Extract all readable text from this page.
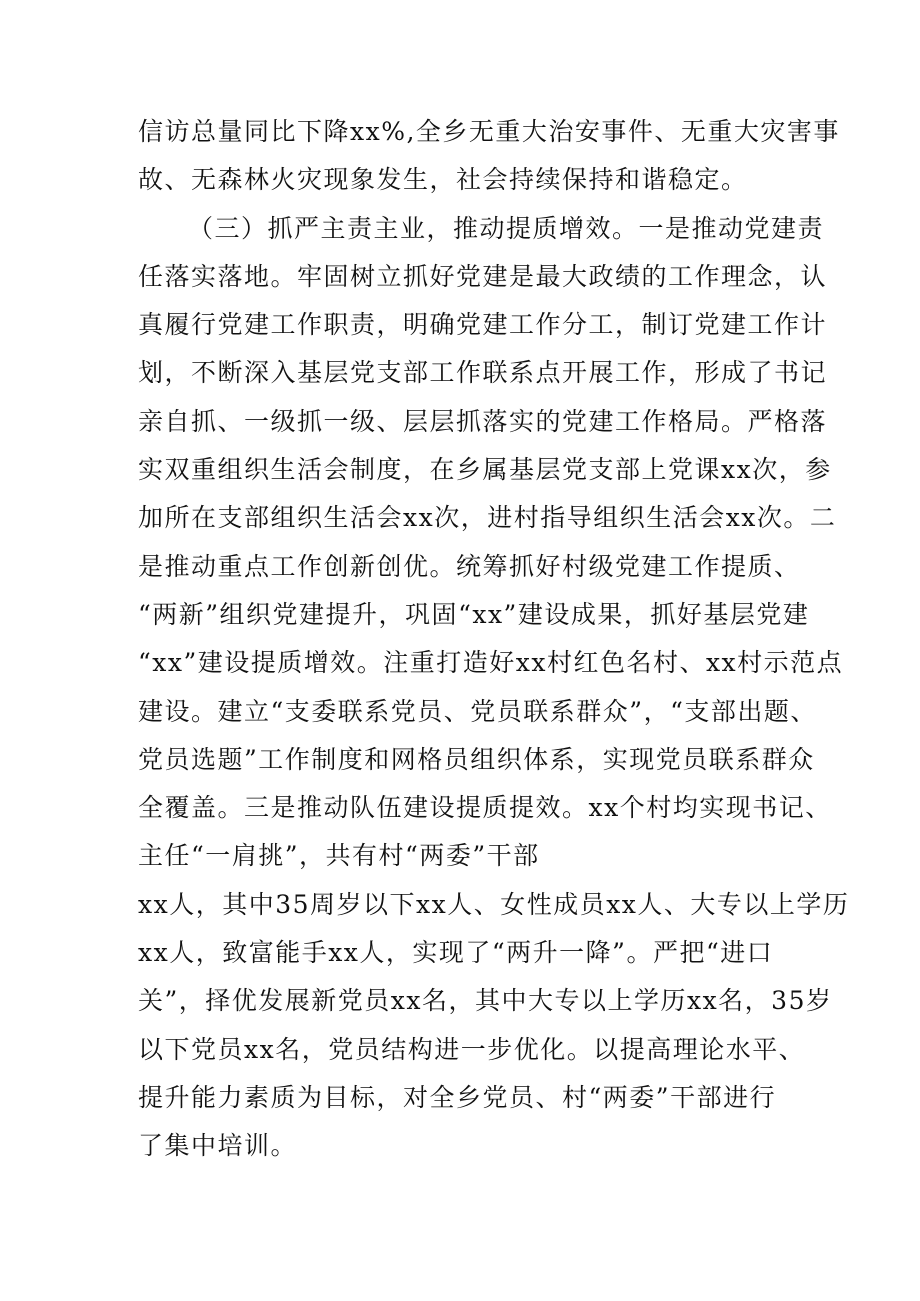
信访总量同比下降xx%,全乡无重大治安事件、无重大灾害事
故、无森林火灾现象发生，社会持续保持和谐稳定。
（三）抓严主责主业，推动提质增效。一是推动党建责
任落实落地。牢固树立抓好党建是最大政绩的工作理念，认
真履行党建工作职责，明确党建工作分工，制订党建工作计
划，不断深入基层党支部工作联系点开展工作，形成了书记
亲自抓、一级抓一级、层层抓落实的党建工作格局。严格落
实双重组织生活会制度，在乡属基层党支部上党课xx次，参
加所在支部组织生活会xx次，进村指导组织生活会xx次。二
是推动重点工作创新创优。统筹抓好村级党建工作提质、
“两新”组织党建提升，巩固“xx”建设成果，抓好基层党建
“xx”建设提质增效。注重打造好xx村红色名村、xx村示范点
建设。建立“支委联系党员、党员联系群众”，“支部出题、
党员选题”工作制度和网格员组织体系，实现党员联系群众
全覆盖。三是推动队伍建设提质提效。xx个村均实现书记、
主任“一肩挑”，共有村“两委”干部
xx人，其中35周岁以下xx人、女性成员xx人、大专以上学历
xx人，致富能手xx人，实现了“两升一降”。严把“进口
关”，择优发展新党员xx名，其中大专以上学历xx名，35岁
以下党员xx名，党员结构进一步优化。以提高理论水平、
提升能力素质为目标，对全乡党员、村“两委”干部进行
了集中培训。
